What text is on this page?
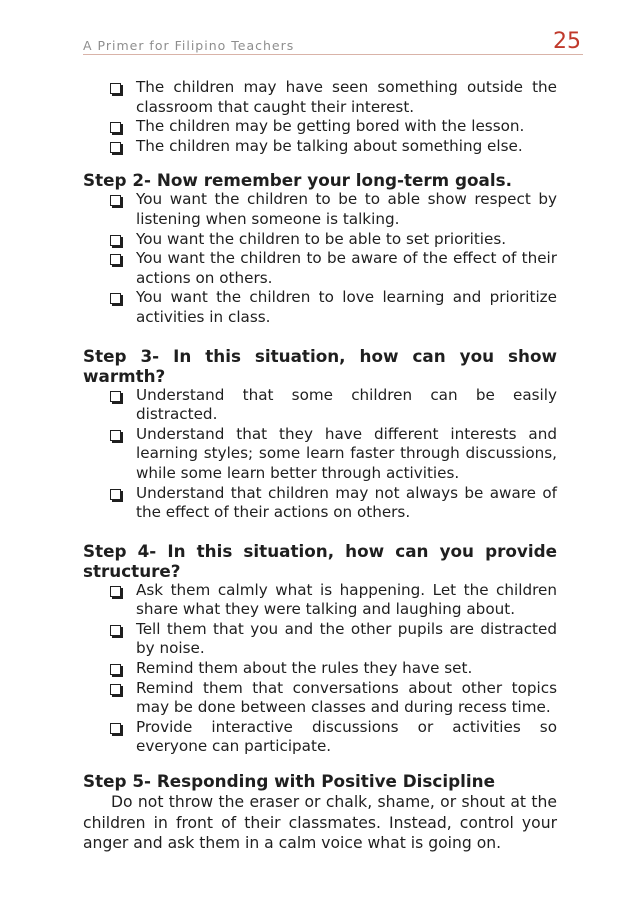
A Primer for Filipino Teachers	25
The children may have seen something outside the classroom that caught their interest.
The children may be getting bored with the lesson.
The children may be talking about something else.

Step 2- Now remember your long-term goals.

You want the children to be to able show respect by listening when someone is talking.
You want the children to be able to set priorities.
You want the children to be aware of the effect of their actions on others.
You want the children to love learning and prioritize activities in class.

Step 3- In this situation, how can you show warmth?

Understand that some children can be easily distracted.
Understand that they have different interests and learning styles; some learn faster through discussions, while some learn better through activities.
Understand that children may not always be aware of the effect of their actions on others.

Step 4- In this situation, how can you provide structure?

Ask them calmly what is happening. Let the children share what they were talking and laughing about.
Tell them that you and the other pupils are distracted by noise.
Remind them about the rules they have set.
Remind them that conversations about other topics may be done between classes and during recess time.
Provide interactive discussions or activities so everyone can participate.

Step 5- Responding with Positive Discipline

Do not throw the eraser or chalk, shame, or shout at the children in front of their classmates. Instead, control your anger and ask them in a calm voice what is going on.
